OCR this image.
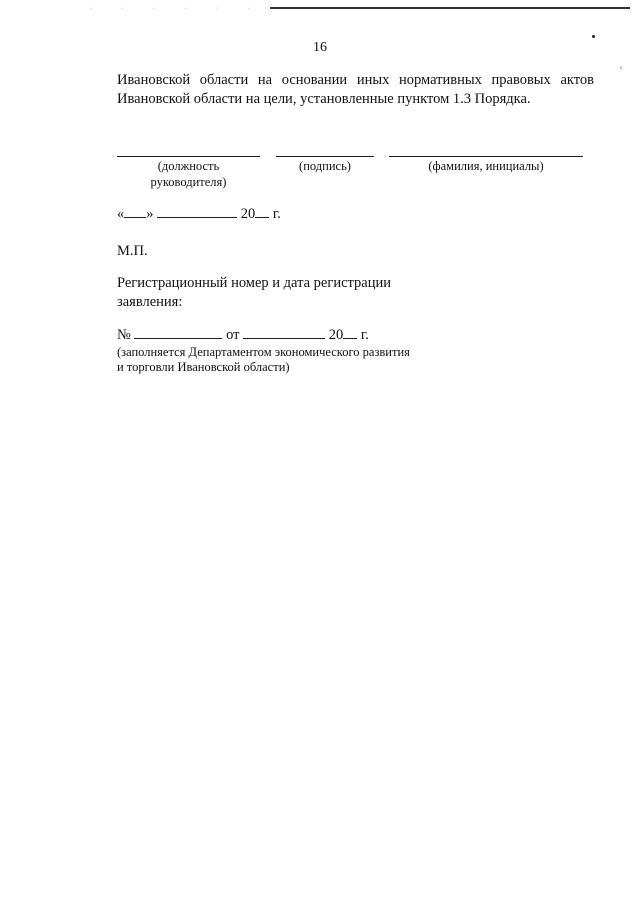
· · · · · · · · · ·
ᵛ
16

Ивановской области на основании иных нормативных правовых актов
Ивановской области на цели, установленные пунктом 1.3 Порядка.

(должность
руководителя)
(подпись)	(фамилия, инициалы)
« »	20 г.
М.П.

Регистрационный номер и дата регистрации заявления:

№	от	20 г.

(заполняется Департаментом экономического развития и торговли Ивановской области)
